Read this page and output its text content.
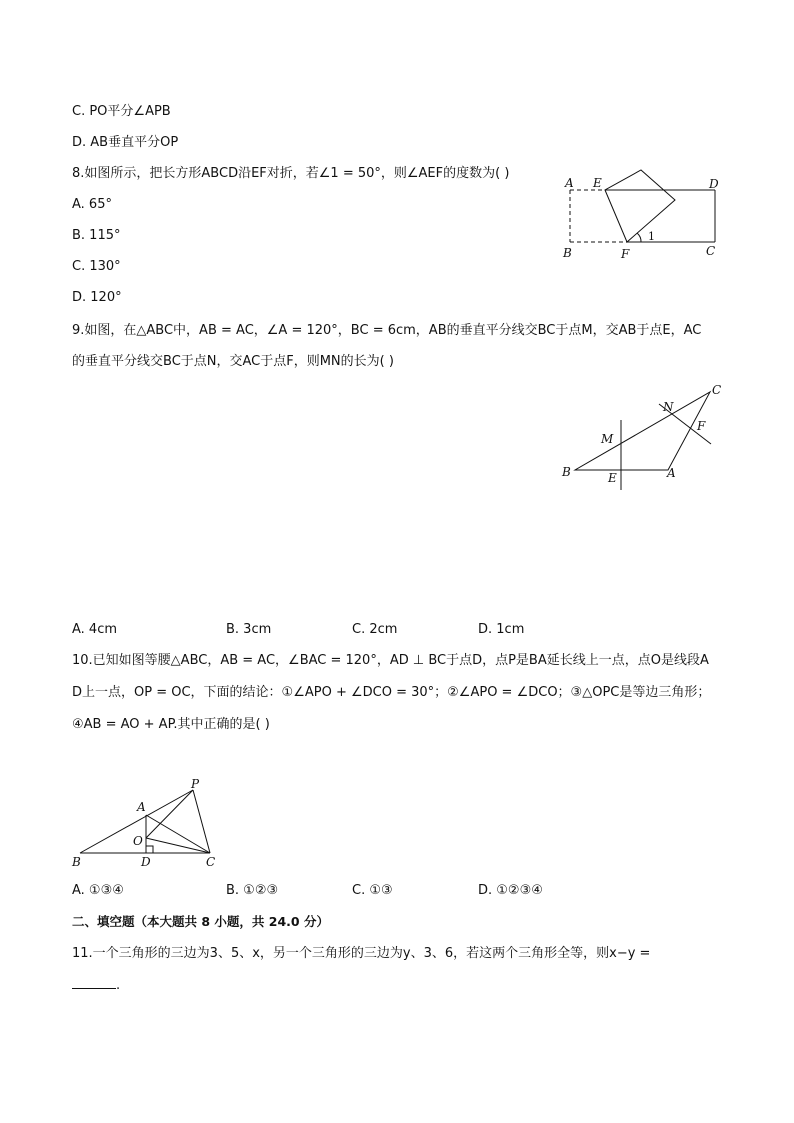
C. PO平分∠APB
D. AB垂直平分OP
8.如图所示，把长方形ABCD沿EF对折，若∠1 = 50°，则∠AEF的度数为( )
A. 65°
B. 115°
C. 130°
D. 120°
A E	D
B	F	C
1
9.如图，在△ABC中，AB = AC，∠A = 120°，BC = 6cm，AB的垂直平分线交BC于点M，交AB于点E，AC
的垂直平分线交BC于点N，交AC于点F，则MN的长为( )
C
N
F
M
B	E	A
A. 4cm	B. 3cm	C. 2cm	D. 1cm
10.已知如图等腰△ABC，AB = AC，∠BAC = 120°，AD ⊥ BC于点D，点P是BA延长线上一点，点O是线段A
D上一点，OP = OC，下面的结论：①∠APO + ∠DCO = 30°；②∠APO = ∠DCO；③△OPC是等边三角形；
④AB = AO + AP.其中正确的是( )
P
A
O
B	D	C
A. ①③④	B. ①②③	C. ①③	D. ①②③④
二、填空题（本大题共 8 小题，共 24.0 分）
11.一个三角形的三边为3、5、x，另一个三角形的三边为y、3、6，若这两个三角形全等，则x−y =
.
